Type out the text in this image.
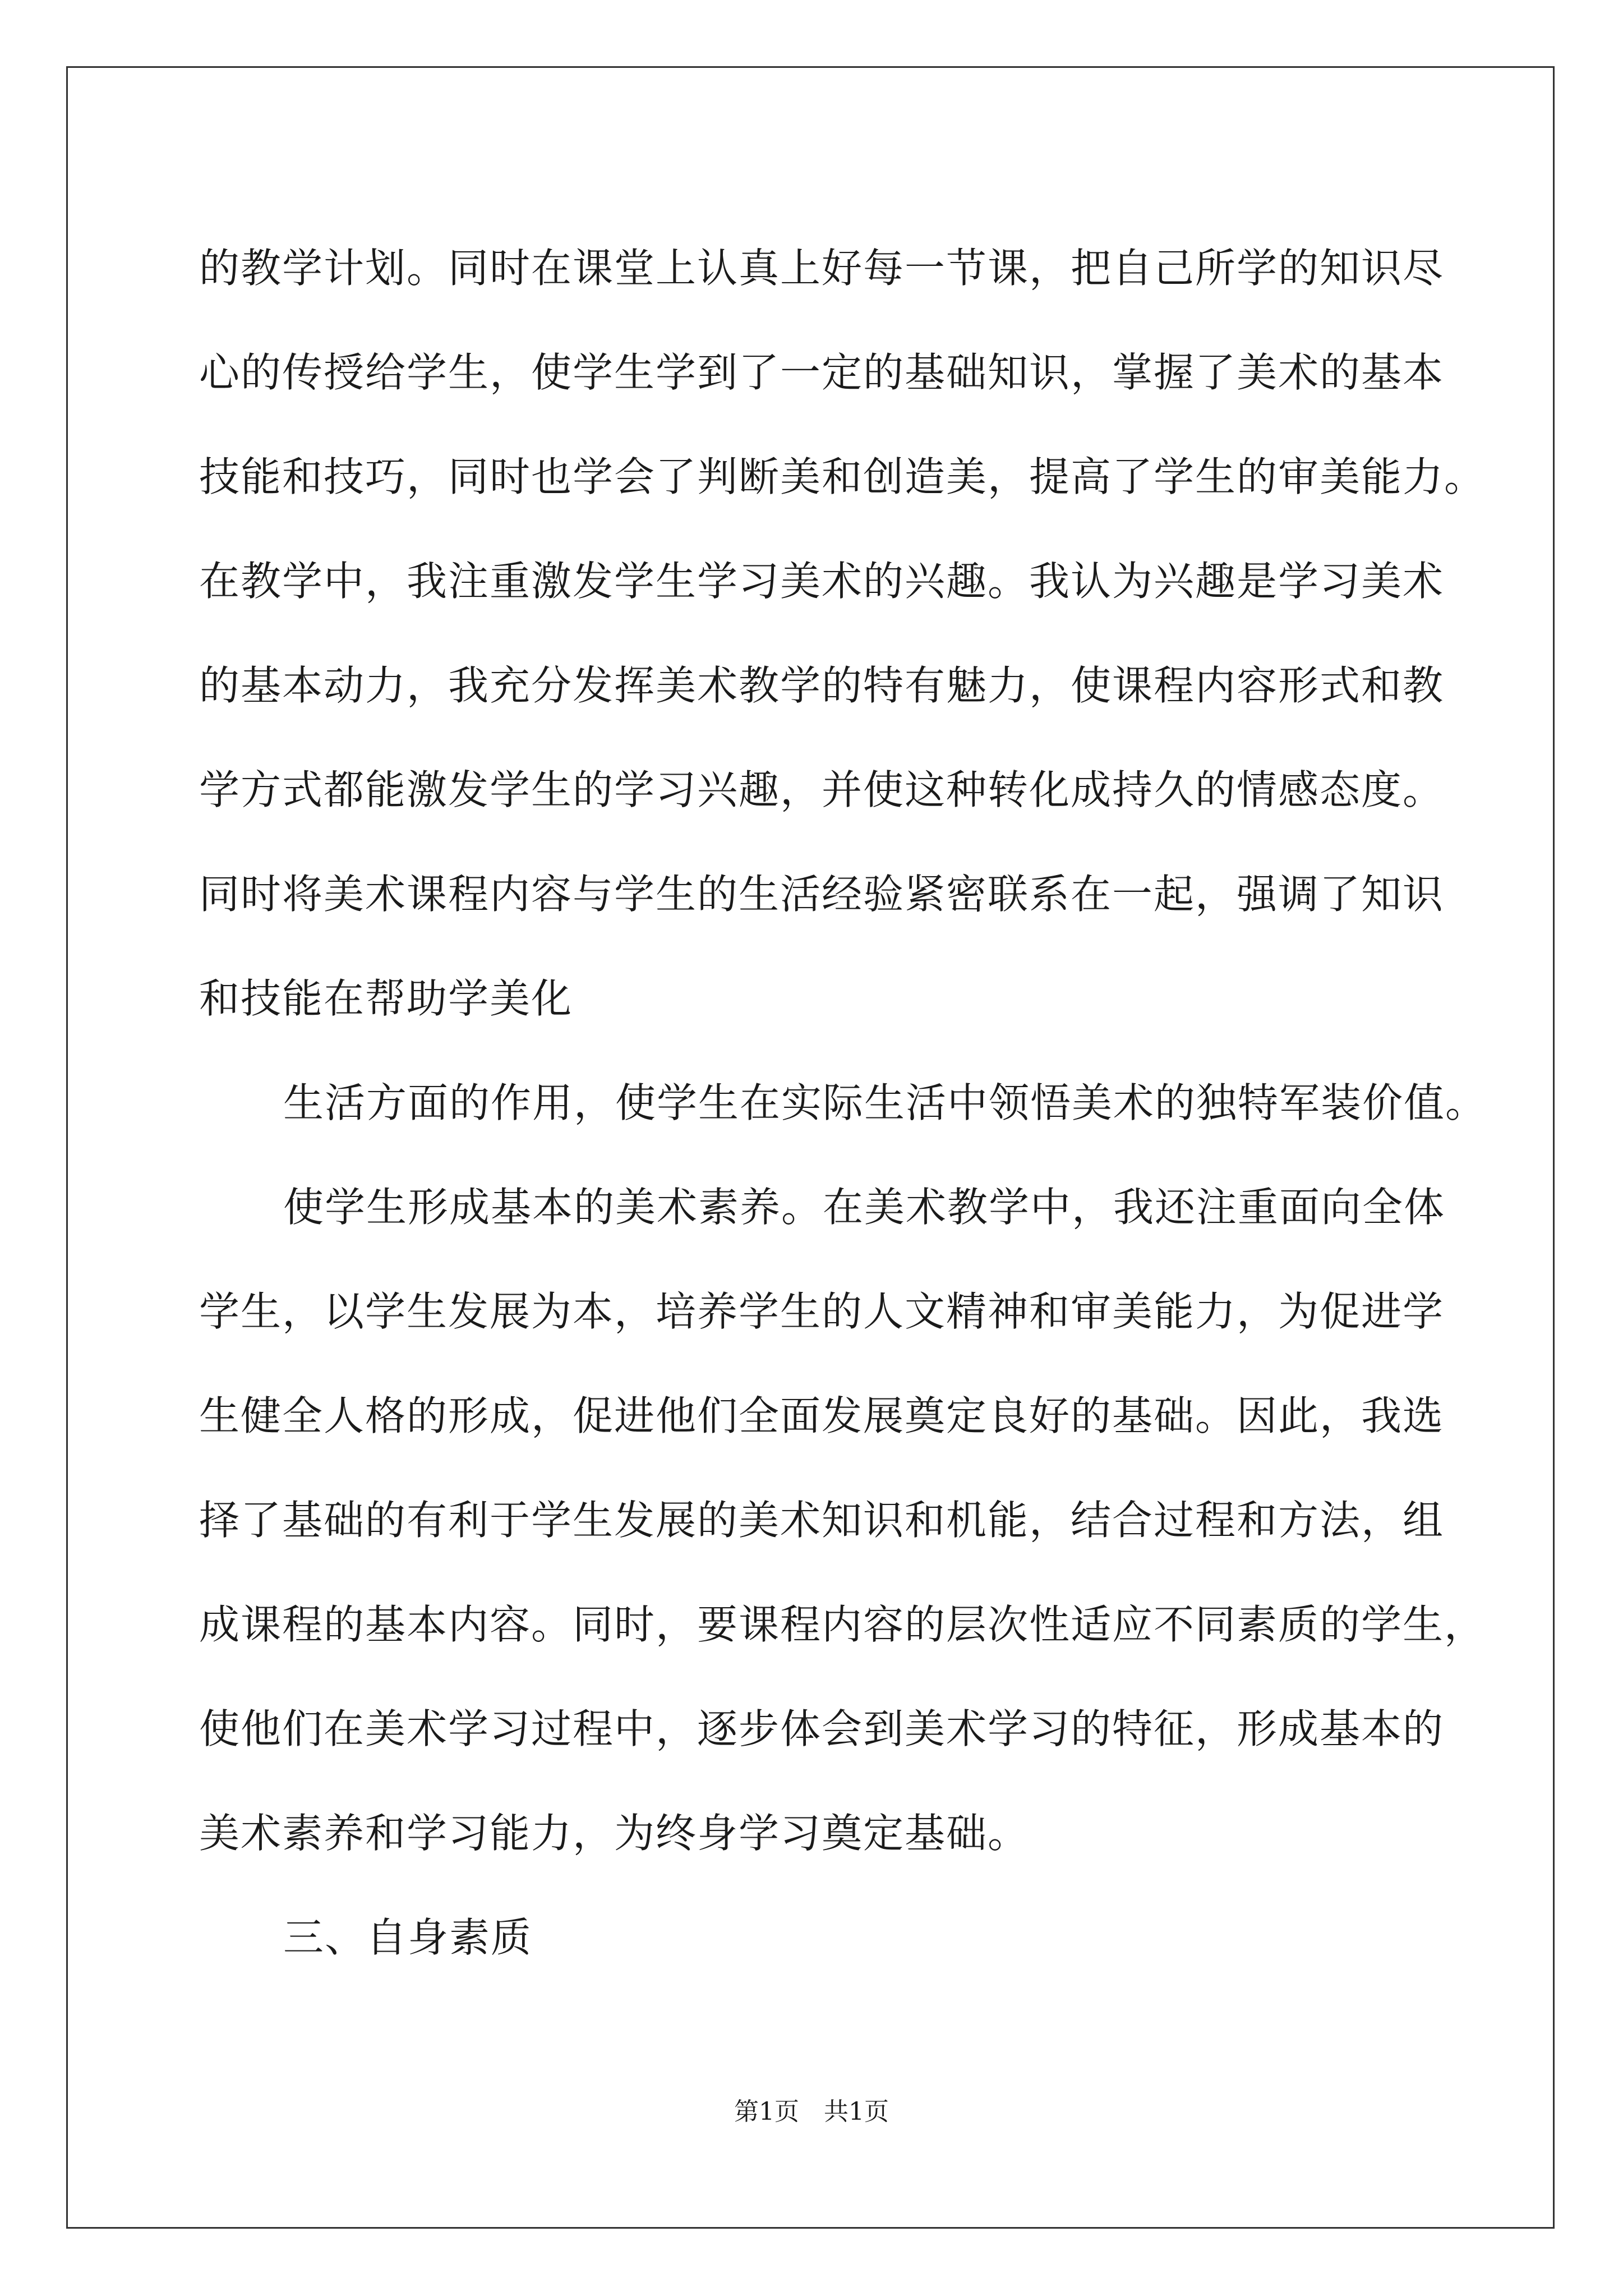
的教学计划。同时在课堂上认真上好每一节课，把自己所学的知识尽
心的传授给学生，使学生学到了一定的基础知识，掌握了美术的基本
技能和技巧，同时也学会了判断美和创造美，提高了学生的审美能力。
在教学中，我注重激发学生学习美术的兴趣。我认为兴趣是学习美术
的基本动力，我充分发挥美术教学的特有魅力，使课程内容形式和教
学方式都能激发学生的学习兴趣，并使这种转化成持久的情感态度。
同时将美术课程内容与学生的生活经验紧密联系在一起，强调了知识
和技能在帮助学美化
生活方面的作用，使学生在实际生活中领悟美术的独特军装价值。
使学生形成基本的美术素养。在美术教学中，我还注重面向全体
学生，以学生发展为本，培养学生的人文精神和审美能力，为促进学
生健全人格的形成，促进他们全面发展奠定良好的基础。因此，我选
择了基础的有利于学生发展的美术知识和机能，结合过程和方法，组
成课程的基本内容。同时，要课程内容的层次性适应不同素质的学生，
使他们在美术学习过程中，逐步体会到美术学习的特征，形成基本的
美术素养和学习能力，为终身学习奠定基础。
三、自身素质
第1页　共1页
